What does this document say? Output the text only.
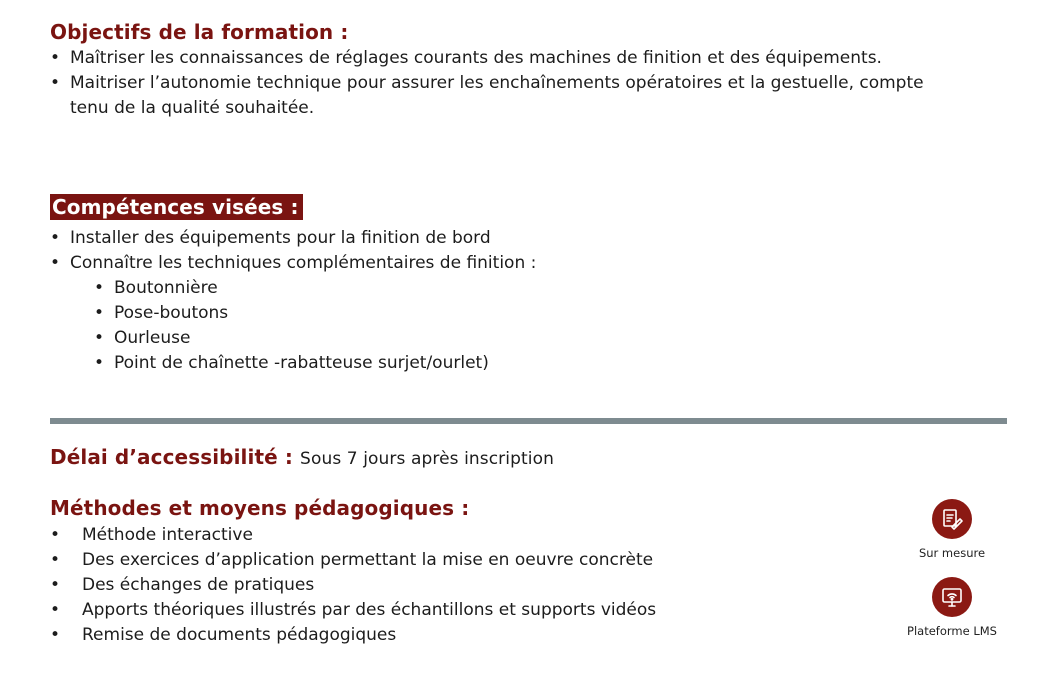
Objectifs de la formation :
• Maîtriser les connaissances de réglages courants des machines de finition et des équipements.
• Maitriser l’autonomie technique pour assurer les enchaînements opératoires et la gestuelle, compte
tenu de la qualité souhaitée.
Compétences visées :
• Installer des équipements pour la finition de bord
• Connaître les techniques complémentaires de finition :
• Boutonnière
• Pose-boutons
• Ourleuse
• Point de chaînette -rabatteuse surjet/ourlet)
Délai d’accessibilité : Sous 7 jours après inscription
Méthodes et moyens pédagogiques :
• Méthode interactive
• Des exercices d’application permettant la mise en oeuvre concrète
• Des échanges de pratiques
• Apports théoriques illustrés par des échantillons et supports vidéos
• Remise de documents pédagogiques
Sur mesure
Plateforme LMS
